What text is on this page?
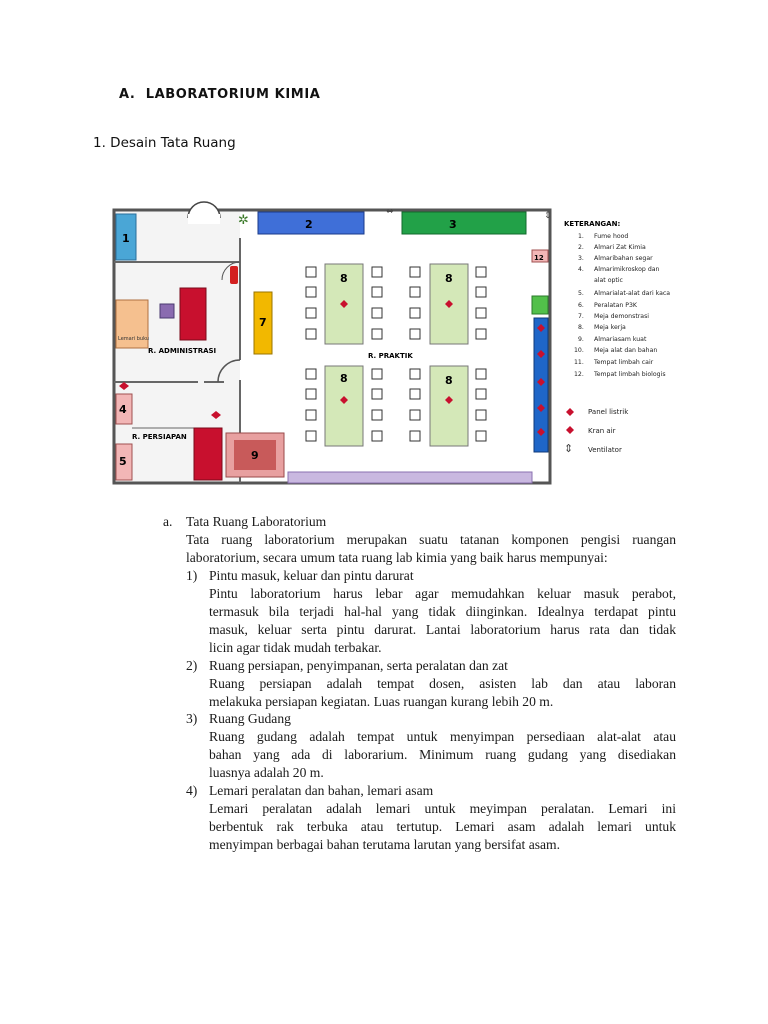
A. LABORATORIUM KIMIA
1. Desain Tata Ruang
1
2	3
✲
Lemari buku
R. ADMINISTRASI
4
5
R. PERSIAPAN
7
8	8
8	8
R. PRAKTIK
12
9
⇔	⇕
KETERANGAN:
1. Fume hood
2. Almari Zat Kimia
3. Almaribahan segar
4. Almarimikroskop dan
alat optic
5. Almarialat-alat dari kaca
6. Peralatan P3K
7. Meja demonstrasi
8. Meja kerja
9. Almariasam kuat
10. Meja alat dan bahan
11. Tempat limbah cair
12. Tempat limbah biologis
Panel listrik
Kran air
⇕ Ventilator
a. Tata Ruang Laboratorium
Tata ruang laboratorium merupakan suatu tatanan komponen pengisi ruangan
laboratorium, secara umum tata ruang lab kimia yang baik harus mempunyai:
1) Pintu masuk, keluar dan pintu darurat
Pintu laboratorium harus lebar agar memudahkan keluar masuk perabot,
termasuk bila terjadi hal-hal yang tidak diinginkan. Idealnya terdapat pintu
masuk, keluar serta pintu darurat. Lantai laboratorium harus rata dan tidak
licin agar tidak mudah terbakar.
2) Ruang persiapan, penyimpanan, serta peralatan dan zat
Ruang persiapan adalah tempat dosen, asisten lab dan atau laboran
melakuka persiapan kegiatan. Luas ruangan kurang lebih 20 m.
3) Ruang Gudang
Ruang gudang adalah tempat untuk menyimpan persediaan alat-alat atau
bahan yang ada di laborarium. Minimum ruang gudang yang disediakan
luasnya adalah 20 m.
4) Lemari peralatan dan bahan, lemari asam
Lemari peralatan adalah lemari untuk meyimpan peralatan. Lemari ini
berbentuk rak terbuka atau tertutup. Lemari asam adalah lemari untuk
menyimpan berbagai bahan terutama larutan yang bersifat asam.
